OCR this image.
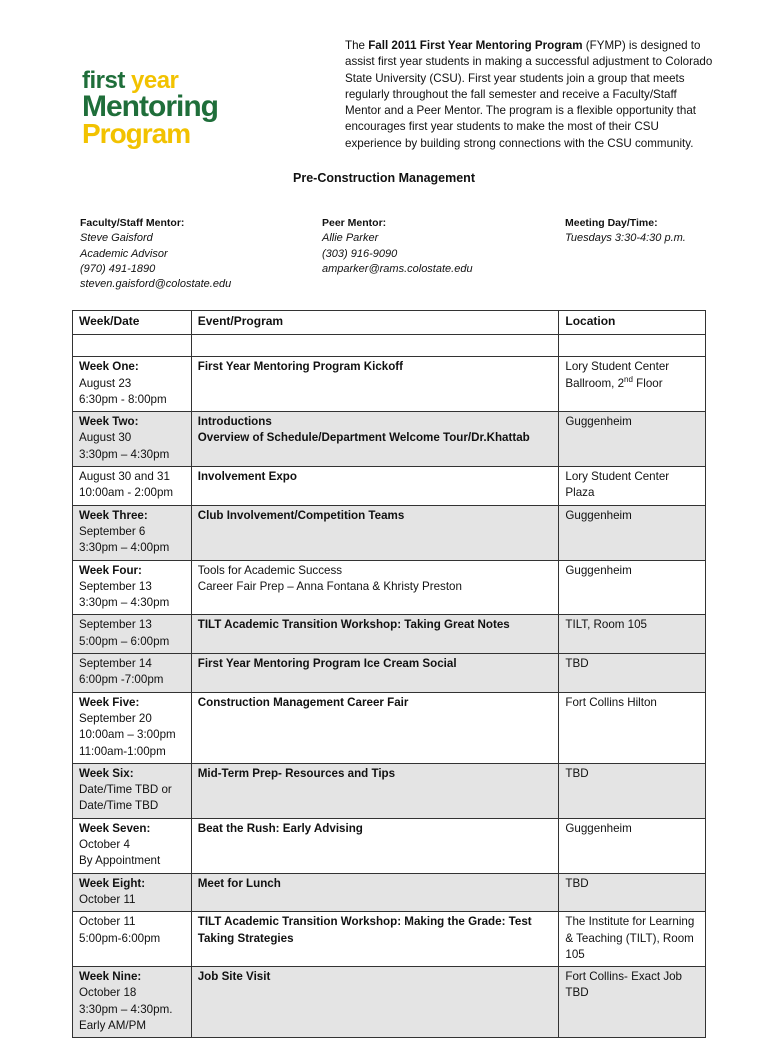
first year
Mentoring
Program

The Fall 2011 First Year Mentoring Program (FYMP) is designed to assist first year students in making a successful adjustment to Colorado State University (CSU). First year students join a group that meets regularly throughout the fall semester and receive a Faculty/Staff Mentor and a Peer Mentor. The program is a flexible opportunity that encourages first year students to make the most of their CSU experience by building strong connections with the CSU community.

Pre-Construction Management
Faculty/Staff Mentor:
Steve Gaisford
Academic Advisor
(970) 491-1890
steven.gaisford@colostate.edu
Peer Mentor:
Allie Parker
(303) 916-9090
amparker@rams.colostate.edu
Meeting Day/Time:
Tuesdays 3:30-4:30 p.m.
Week/Date	Event/Program	Location

Week One:
August 23
6:30pm - 8:00pm	First Year Mentoring Program Kickoff	Lory Student Center
Ballroom, 2nd Floor

Week Two:
August 30
3:30pm – 4:30pm	Introductions
Overview of Schedule/Department Welcome Tour/Dr.Khattab	Guggenheim

August 30 and 31
10:00am - 2:00pm	Involvement Expo	Lory Student Center Plaza

Week Three:
September 6
3:30pm – 4:00pm	Club Involvement/Competition Teams	Guggenheim

Week Four:
September 13
3:30pm – 4:30pm	Tools for Academic Success
Career Fair Prep – Anna Fontana & Khristy Preston	Guggenheim

September 13
5:00pm – 6:00pm	TILT Academic Transition Workshop: Taking Great Notes	TILT, Room 105

September 14
6:00pm -7:00pm	First Year Mentoring Program Ice Cream Social	TBD

Week Five:
September 20
10:00am – 3:00pm
11:00am-1:00pm	Construction Management Career Fair	Fort Collins Hilton

Week Six:
Date/Time TBD or
Date/Time TBD	Mid-Term Prep- Resources and Tips	TBD

Week Seven:
October 4
By Appointment	Beat the Rush: Early Advising	Guggenheim

Week Eight:
October 11	Meet for Lunch	TBD

October 11
5:00pm-6:00pm	TILT Academic Transition Workshop: Making the Grade: Test
Taking Strategies	The Institute for Learning
& Teaching (TILT), Room
105

Week Nine:
October 18
3:30pm – 4:30pm.
Early AM/PM	Job Site Visit	Fort Collins- Exact Job
TBD
